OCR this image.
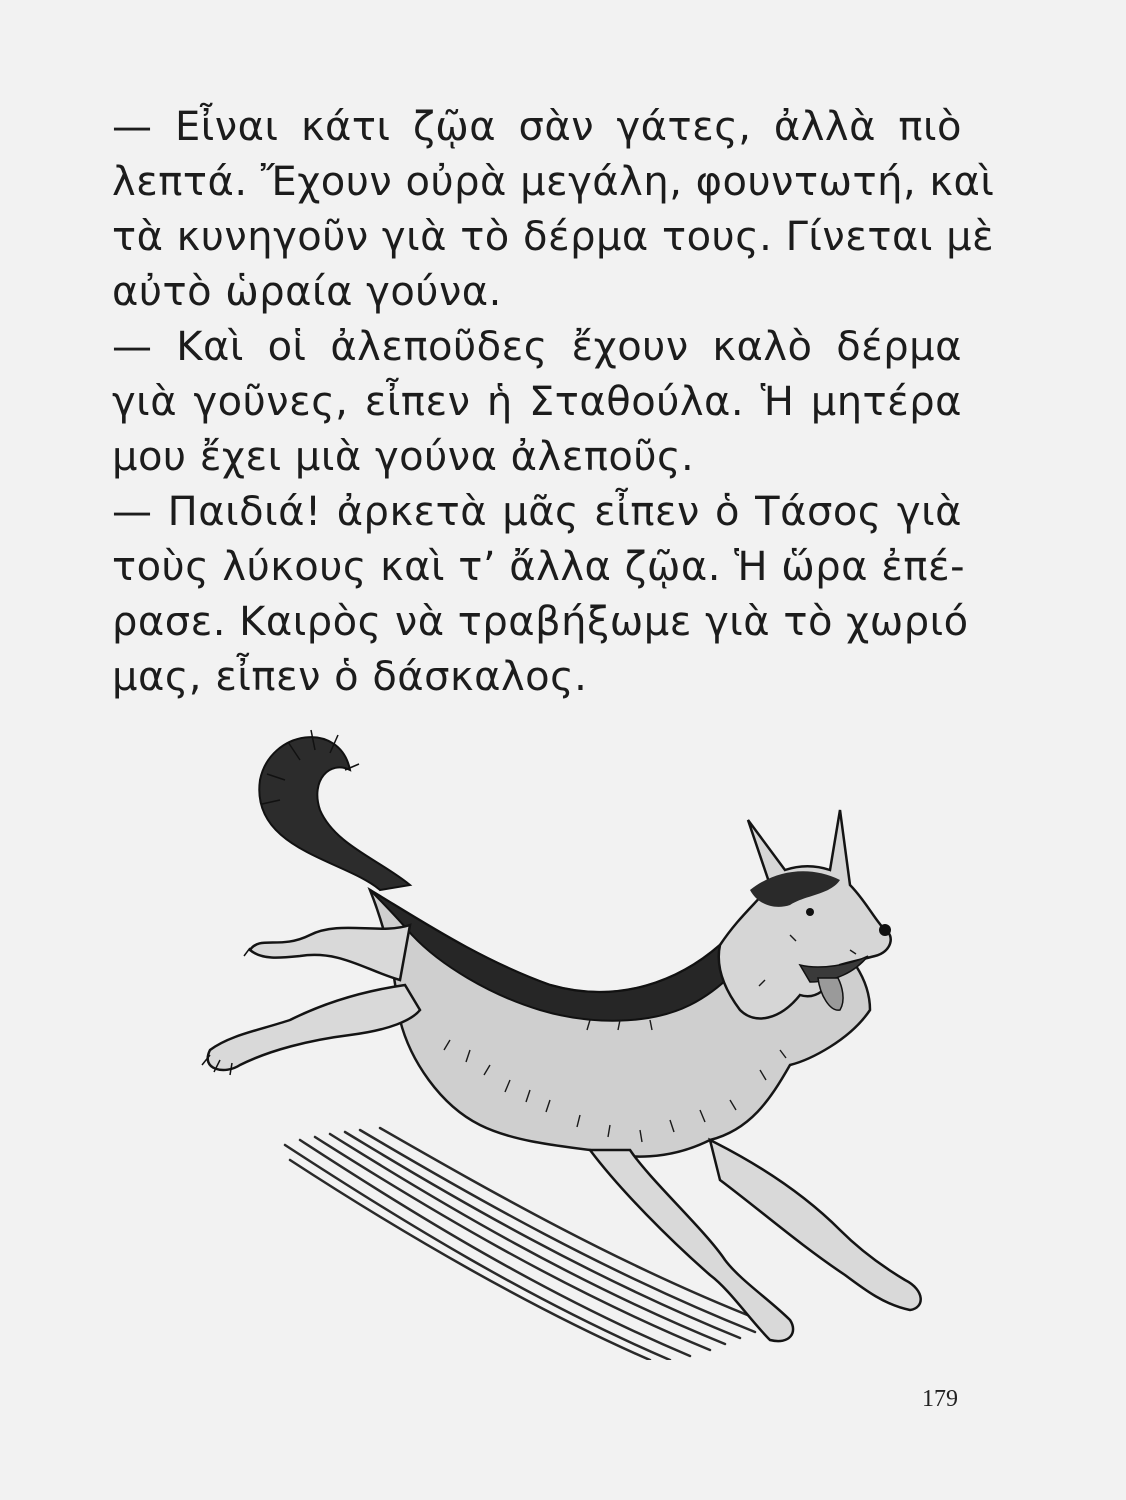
— Εἶναι κάτι ζῷα σὰν γάτες, ἀλλὰ πιὸ
λεπτά. Ἔχουν οὐρὰ μεγάλη, φουντωτή, καὶ
τὰ κυνηγοῦν γιὰ τὸ δέρμα τους. Γίνεται μὲ
αὐτὸ ὡραία γούνα.
— Καὶ οἱ ἀλεποῦδες ἔχουν καλὸ δέρμα
γιὰ γοῦνες, εἶπεν ἡ Σταθούλα. Ἡ μητέρα
μου ἔχει μιὰ γούνα ἀλεποῦς.
— Παιδιά! ἀρκετὰ μᾶς εἶπεν ὁ Τάσος γιὰ
τοὺς λύκους καὶ τ’ ἄλλα ζῷα. Ἡ ὥρα ἐπέ-
ρασε. Καιρὸς νὰ τραβήξωμε γιὰ τὸ χωριό
μας, εἶπεν ὁ δάσκαλος.
179
